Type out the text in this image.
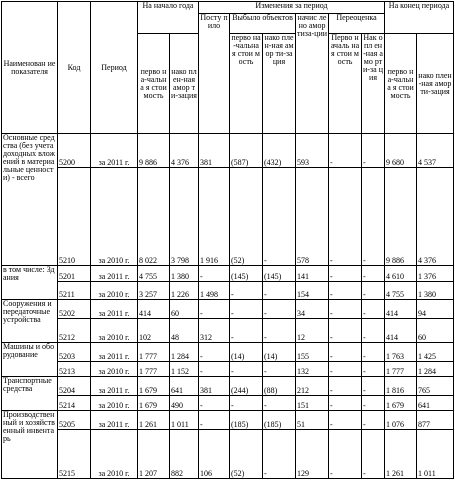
Наименован ие показателя	Код	Период	На начало года		Изменения за период						На конец периода	
					Посту пило	Выбыло объектов		начис лено амор тиза-ции	Переоценка			
			перво на-чальна я стои мость	нако плен-ная амор ти-зация		перво на-чальна я стои мость	нако плен-ная амор ти-зация		Перво началь ная стои мость	Нак опл ен-ная амо рти-за ция	перво на-чальна я стои мость	нако плен-ная амор ти-зация
Основные средства (без учета доходных вложений в материальные ценности) - всего	5200	за 2011 г.	9 886	4 376	381	(587)	(432)	593	-	-	9 680	4 537
	5210	за 2010 г.	8 022	3 798	1 916	(52)	-	578	-	-	9 886	4 376
в том числе: Здания	5201	за 2011 г.	4 755	1 380	-	(145)	(145)	141	-	-	4 610	1 376
	5211	за 2010 г.	3 257	1 226	1 498	-	-	154	-	-	4 755	1 380
Сооружения и передаточные устройства	5202	за 2011 г.	414	60	-	-	-	34	-	-	414	94
	5212	за 2010 г.	102	48	312	-	-	12	-	-	414	60
Машины и оборудование	5203	за 2011 г.	1 777	1 284	-	(14)	(14)	155	-	-	1 763	1 425
	5213	за 2010 г.	1 777	1 152	-	-	-	132	-	-	1 777	1 284
Транспортные средства	5204	за 2011 г.	1 679	641	381	(244)	(88)	212	-	-	1 816	765
	5214	за 2010 г.	1 679	490	-	-	-	151	-	-	1 679	641
Производственный и хозяйственный инвентарь	5205	за 2011 г.	1 261	1 011	-	(185)	(185)	51	-	-	1 076	877
	5215	за 2010 г.	1 207	882	106	(52)	-	129	-	-	1 261	1 011
